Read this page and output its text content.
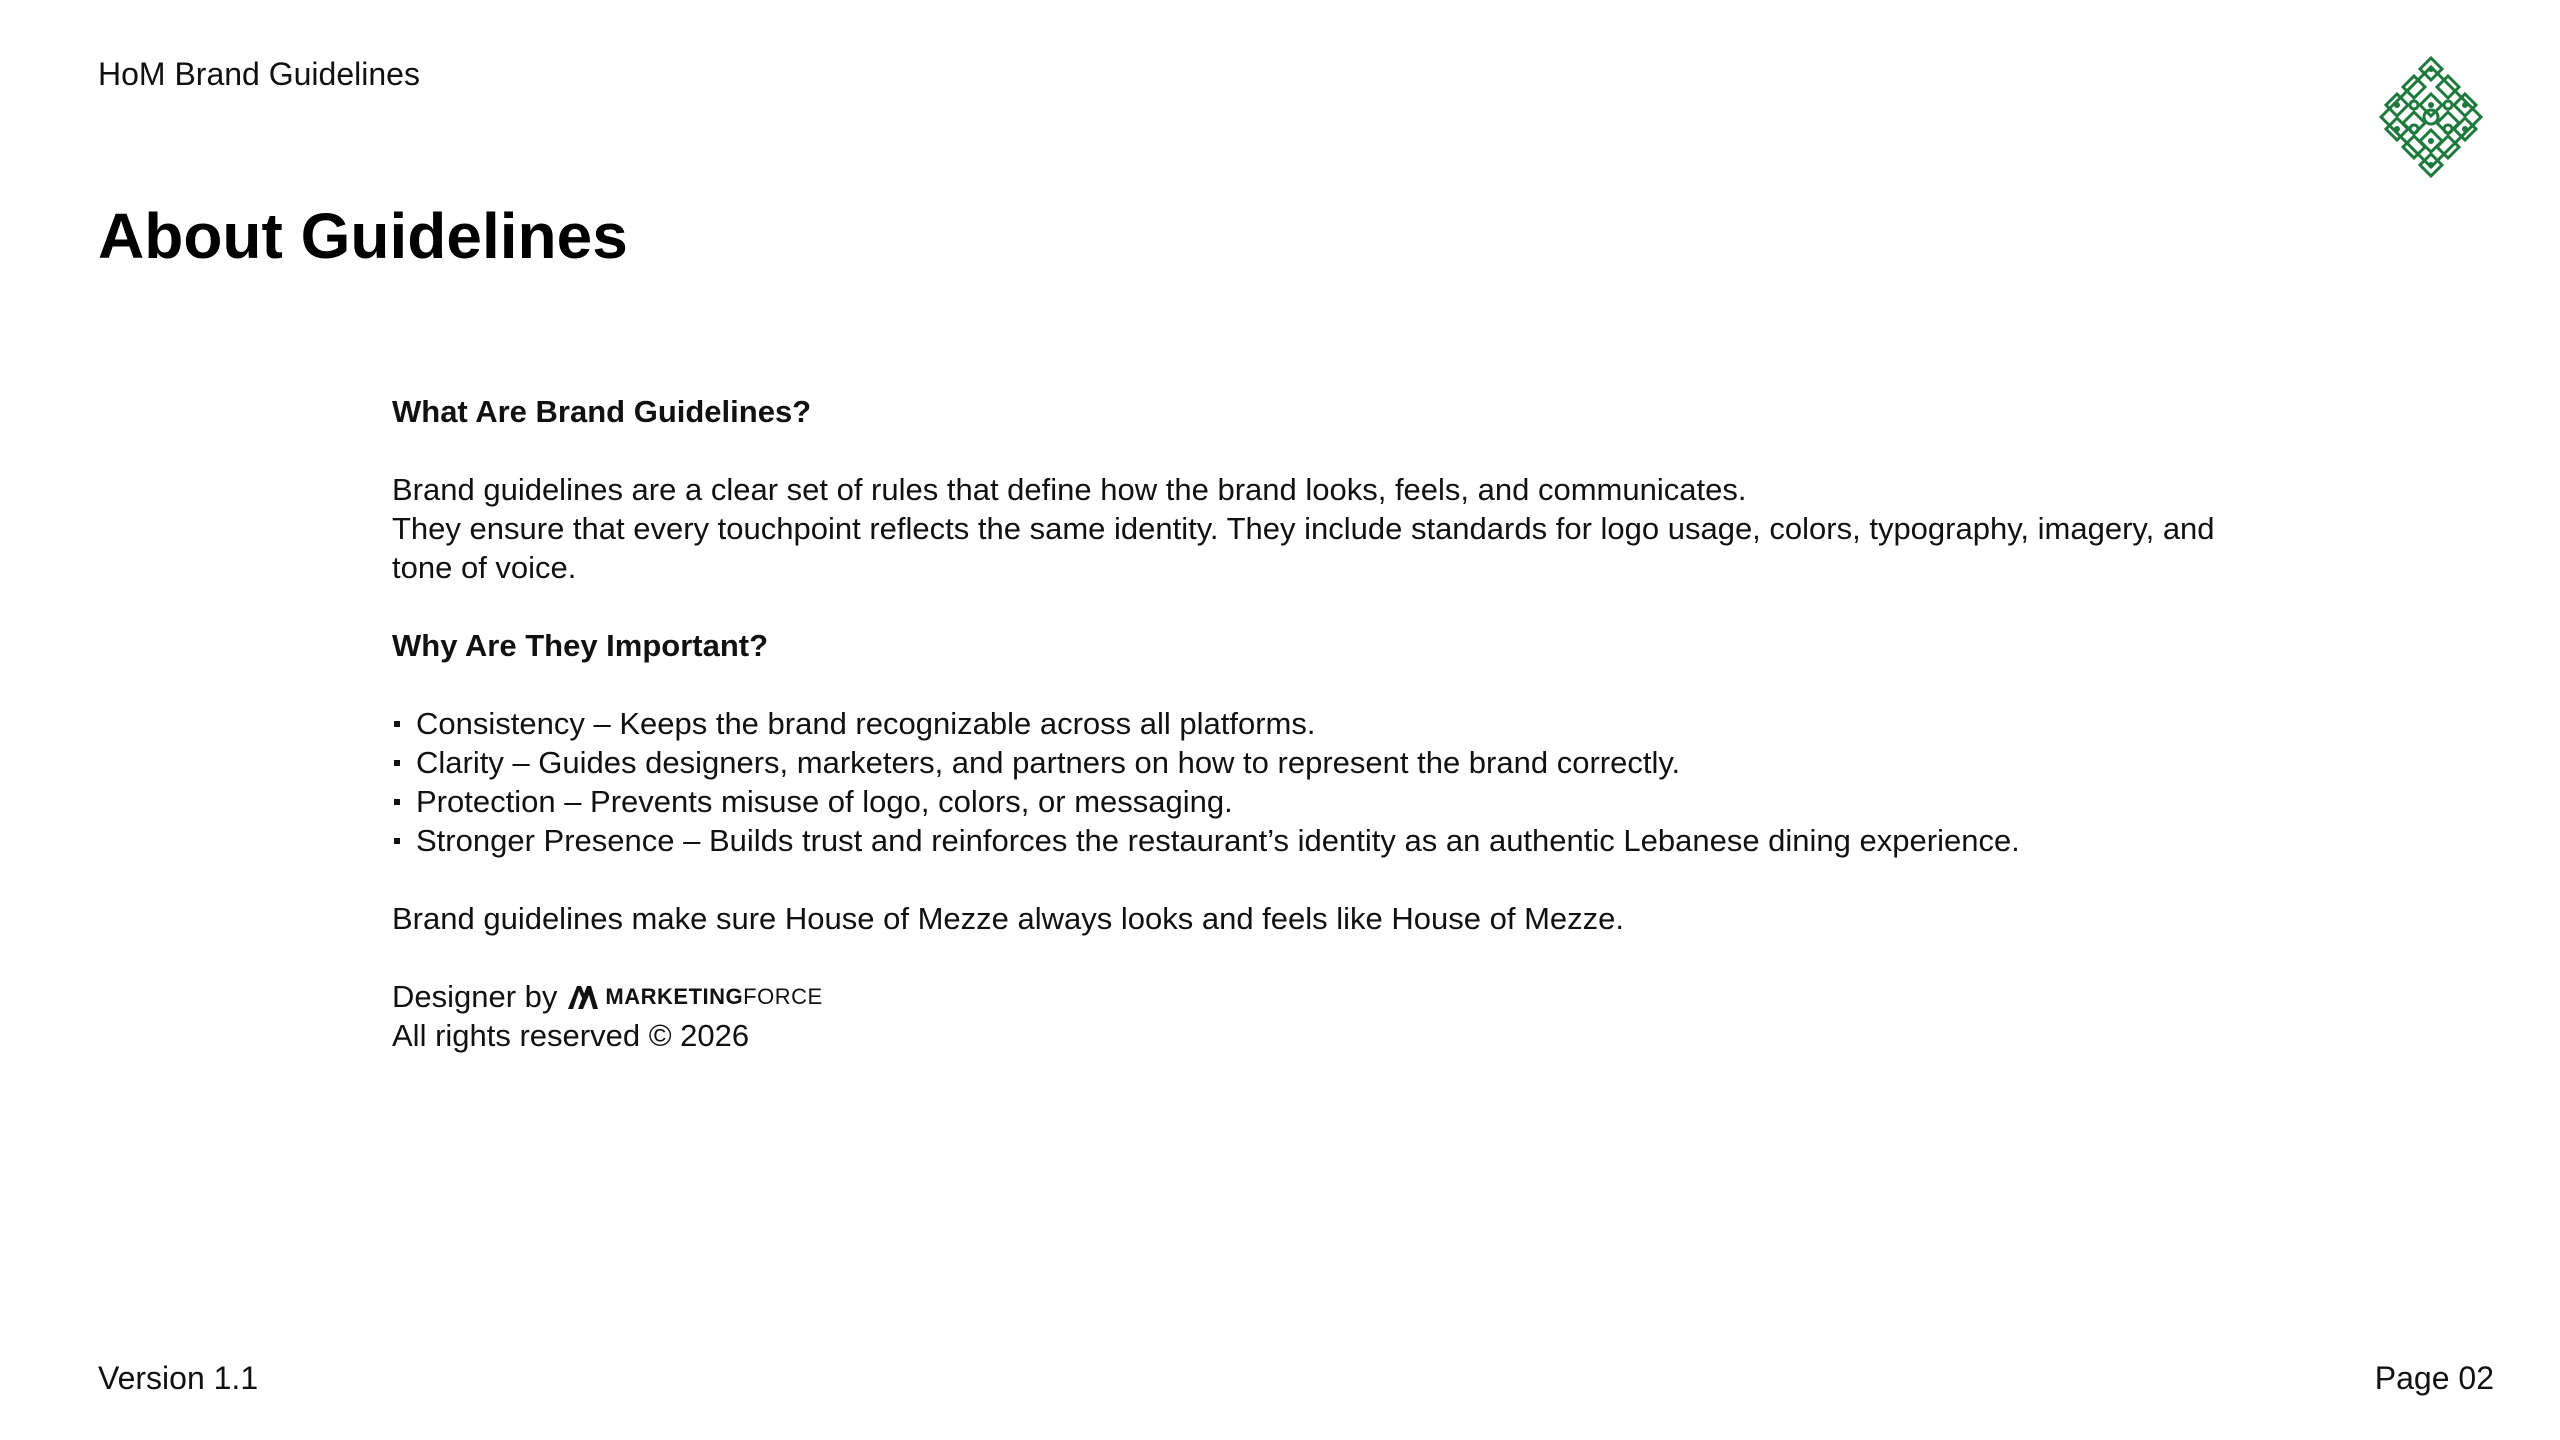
HoM Brand Guidelines
About Guidelines

What Are Brand Guidelines?

Brand guidelines are a clear set of rules that define how the brand looks, feels, and communicates.

They ensure that every touchpoint reflects the same identity. They include standards for logo usage, colors, typography, imagery, and tone of voice.

Why Are They Important?

Consistency – Keeps the brand recognizable across all platforms.
Clarity – Guides designers, marketers, and partners on how to represent the brand correctly.
Protection – Prevents misuse of logo, colors, or messaging.
Stronger Presence – Builds trust and reinforces the restaurant’s identity as an authentic Lebanese dining experience.

Brand guidelines make sure House of Mezze always looks and feels like House of Mezze.

Designer by MARKETINGFORCE

All rights reserved © 2026

Version 1.1	Page 02
